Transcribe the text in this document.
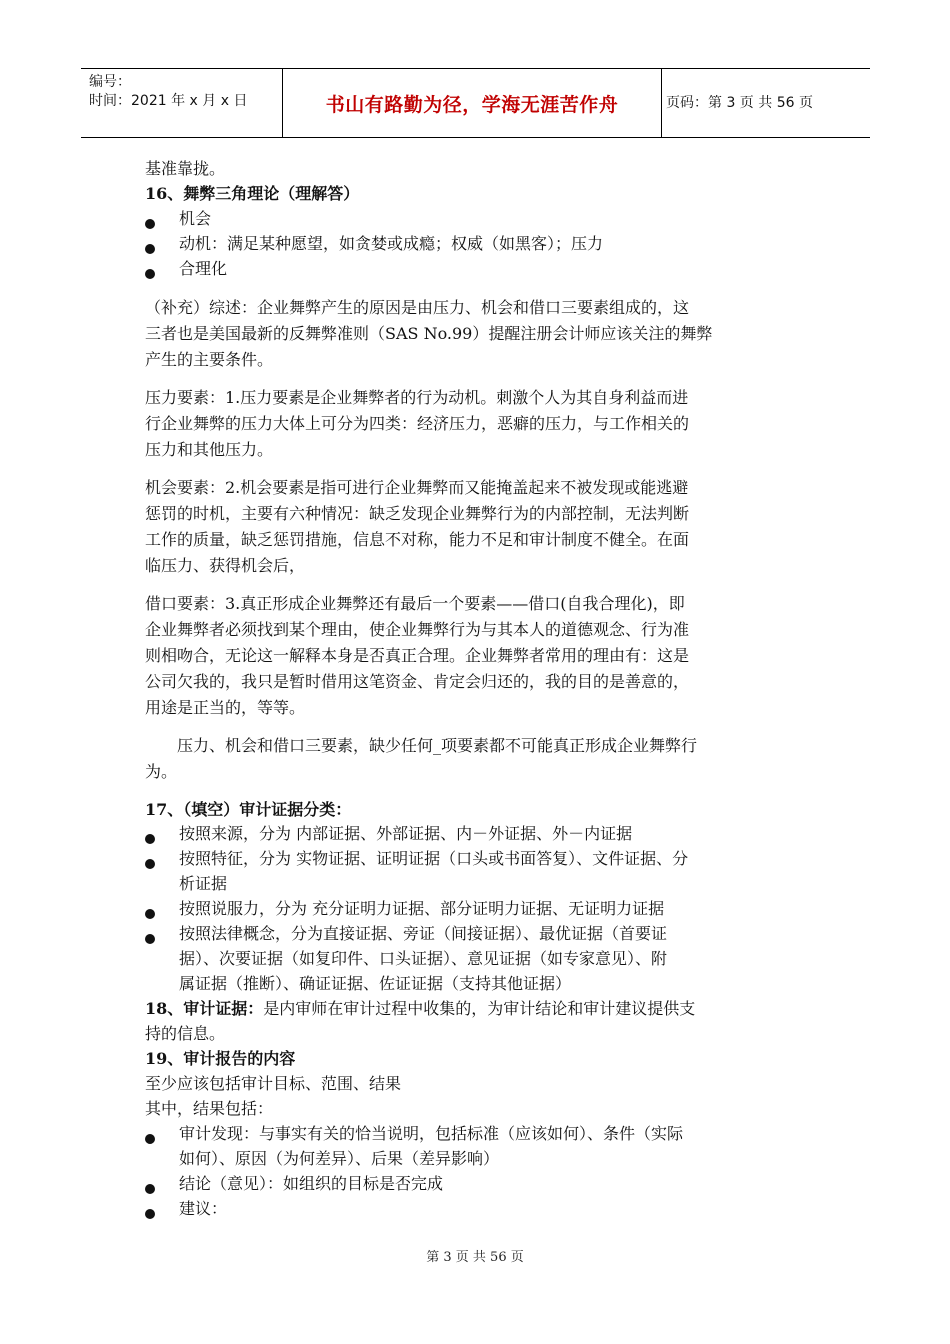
编号：
时间：2021 年 x 月 x 日	书山有路勤为径，学海无涯苦作舟	页码：第 3 页 共 56 页
基准靠拢。
16、舞弊三角理论（理解答）
机会
动机：满足某种愿望，如贪婪或成瘾；权威（如黑客）；压力
合理化
（补充）综述：企业舞弊产生的原因是由压力、机会和借口三要素组成的，这
三者也是美国最新的反舞弊准则（SAS No.99）提醒注册会计师应该关注的舞弊
产生的主要条件。
压力要素：1.压力要素是企业舞弊者的行为动机。刺激个人为其自身利益而进
行企业舞弊的压力大体上可分为四类：经济压力，恶癖的压力，与工作相关的
压力和其他压力。
机会要素：2.机会要素是指可进行企业舞弊而又能掩盖起来不被发现或能逃避
惩罚的时机，主要有六种情况：缺乏发现企业舞弊行为的内部控制，无法判断
工作的质量，缺乏惩罚措施，信息不对称，能力不足和审计制度不健全。在面
临压力、获得机会后，
借口要素：3.真正形成企业舞弊还有最后一个要素——借口(自我合理化)，即
企业舞弊者必须找到某个理由，使企业舞弊行为与其本人的道德观念、行为准
则相吻合，无论这一解释本身是否真正合理。企业舞弊者常用的理由有：这是
公司欠我的，我只是暂时借用这笔资金、肯定会归还的，我的目的是善意的，
用途是正当的，等等。
压力、机会和借口三要素，缺少任何_项要素都不可能真正形成企业舞弊行
为。
17、（填空）审计证据分类：
按照来源，分为 内部证据、外部证据、内－外证据、外－内证据
按照特征，分为 实物证据、证明证据（口头或书面答复）、文件证据、分
析证据
按照说服力，分为 充分证明力证据、部分证明力证据、无证明力证据
按照法律概念，分为直接证据、旁证（间接证据）、最优证据（首要证
据）、次要证据（如复印件、口头证据）、意见证据（如专家意见）、附
属证据（推断）、确证证据、佐证证据（支持其他证据）
18、审计证据：是内审师在审计过程中收集的，为审计结论和审计建议提供支
持的信息。
19、审计报告的内容
至少应该包括审计目标、范围、结果
其中，结果包括：
审计发现：与事实有关的恰当说明，包括标准（应该如何）、条件（实际
如何）、原因（为何差异）、后果（差异影响）
结论（意见）：如组织的目标是否完成
建议：
第 3 页 共 56 页
